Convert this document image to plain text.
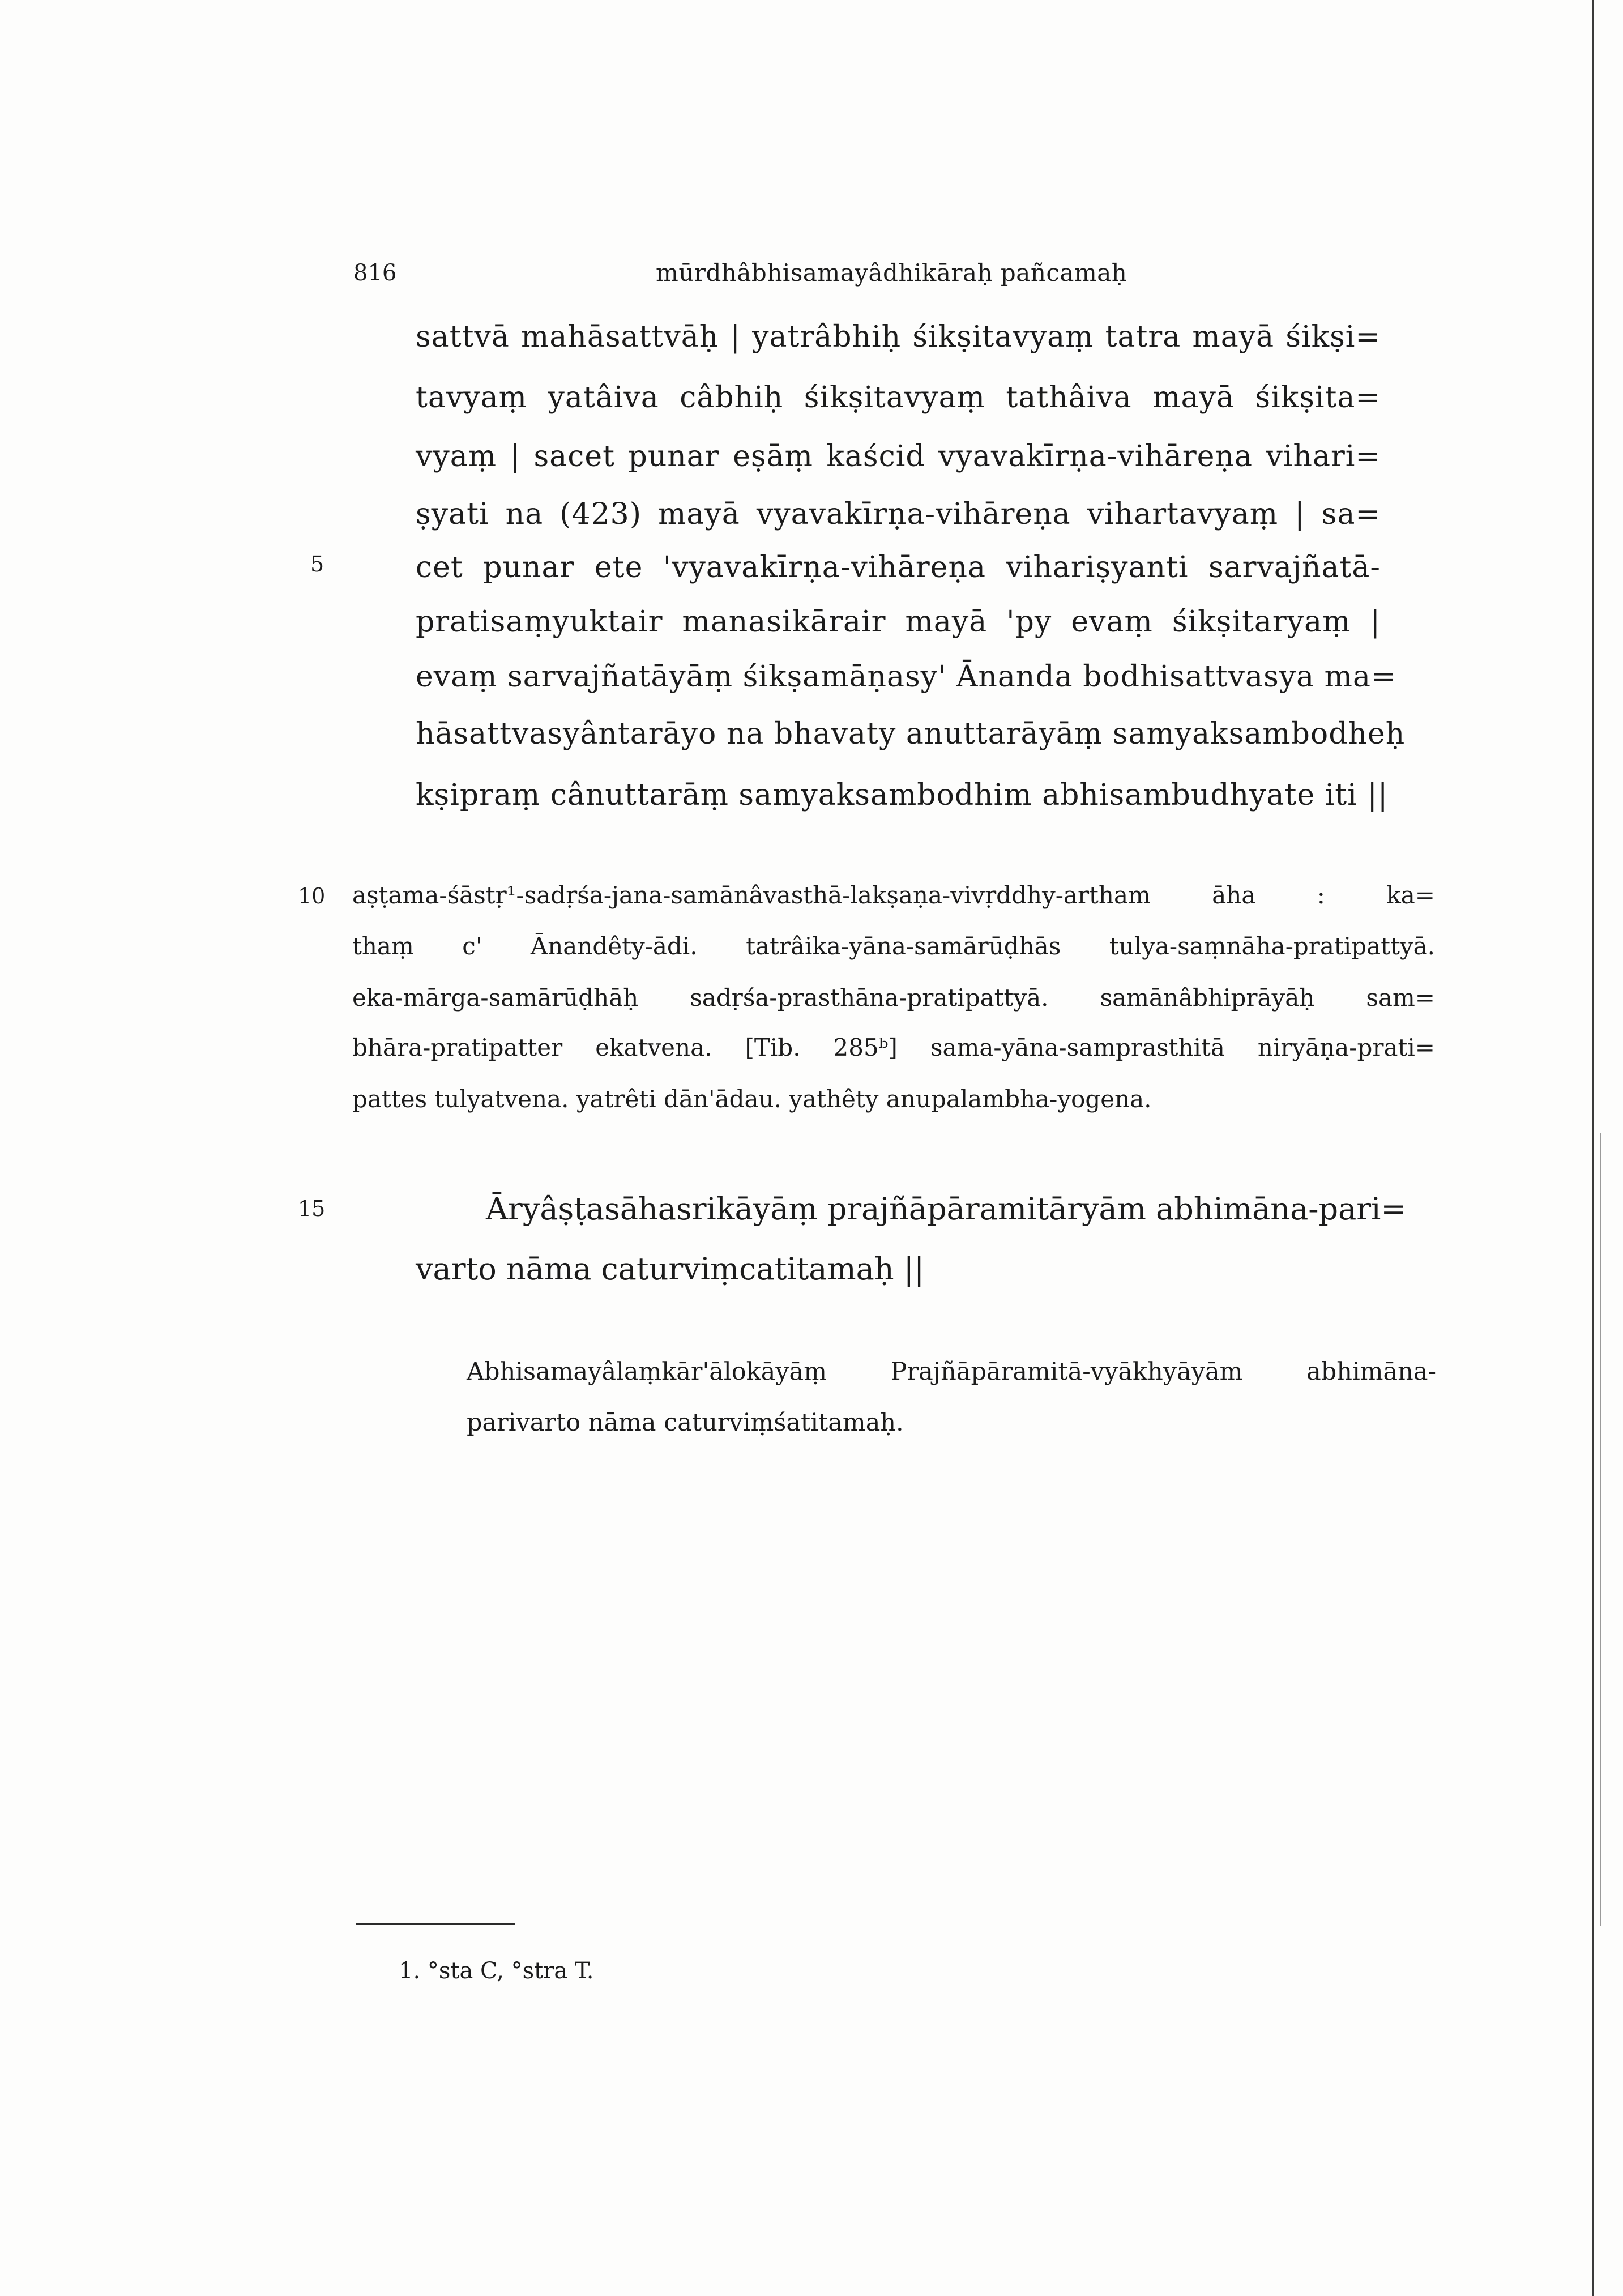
816	mūrdhâbhisamayâdhikāraḥ pañcamaḥ
sattvā mahāsattvāḥ | yatrâbhiḥ śikṣitavyaṃ tatra mayā śikṣi=
tavyaṃ yatâiva câbhiḥ śikṣitavyaṃ tathâiva mayā śikṣita=
vyaṃ | sacet punar eṣāṃ kaścid vyavakīrṇa-vihāreṇa vihari=
ṣyati na (423) mayā vyavakīrṇa-vihāreṇa vihartavyaṃ | sa=
cet punar ete 'vyavakīrṇa-vihāreṇa vihariṣyanti sarvajñatā-
pratisaṃyuktair manasikārair mayā 'py evaṃ śikṣitaryaṃ |
evaṃ sarvajñatāyāṃ śikṣamāṇasy' Ānanda bodhisattvasya ma=
hāsattvasyântarāyo na bhavaty anuttarāyāṃ samyaksambodheḥ
kṣipraṃ cânuttarāṃ samyaksambodhim abhisambudhyate iti ||
aṣṭama-śāstṛ¹-sadṛśa-jana-samānâvasthā-lakṣaṇa-vivṛddhy-artham āha : ka=
thaṃ c' Ānandêty-ādi. tatrâika-yāna-samārūḍhās tulya-saṃnāha-pratipattyā.
eka-mārga-samārūḍhāḥ sadṛśa-prasthāna-pratipattyā. samānâbhiprāyāḥ sam=
bhāra-pratipatter ekatvena. [Tib. 285ᵇ] sama-yāna-samprasthitā niryāṇa-prati=
pattes tulyatvena. yatrêti dān'ādau. yathêty anupalambha-yogena.
Āryâṣṭasāhasrikāyāṃ prajñāpāramitāryām abhimāna-pari=
varto nāma caturviṃcatitamaḥ ||
Abhisamayâlaṃkār'ālokāyāṃ Prajñāpāramitā-vyākhyāyām abhimāna-
parivarto nāma caturviṃśatitamaḥ.
5
10
15
1. °sta C, °stra T.
